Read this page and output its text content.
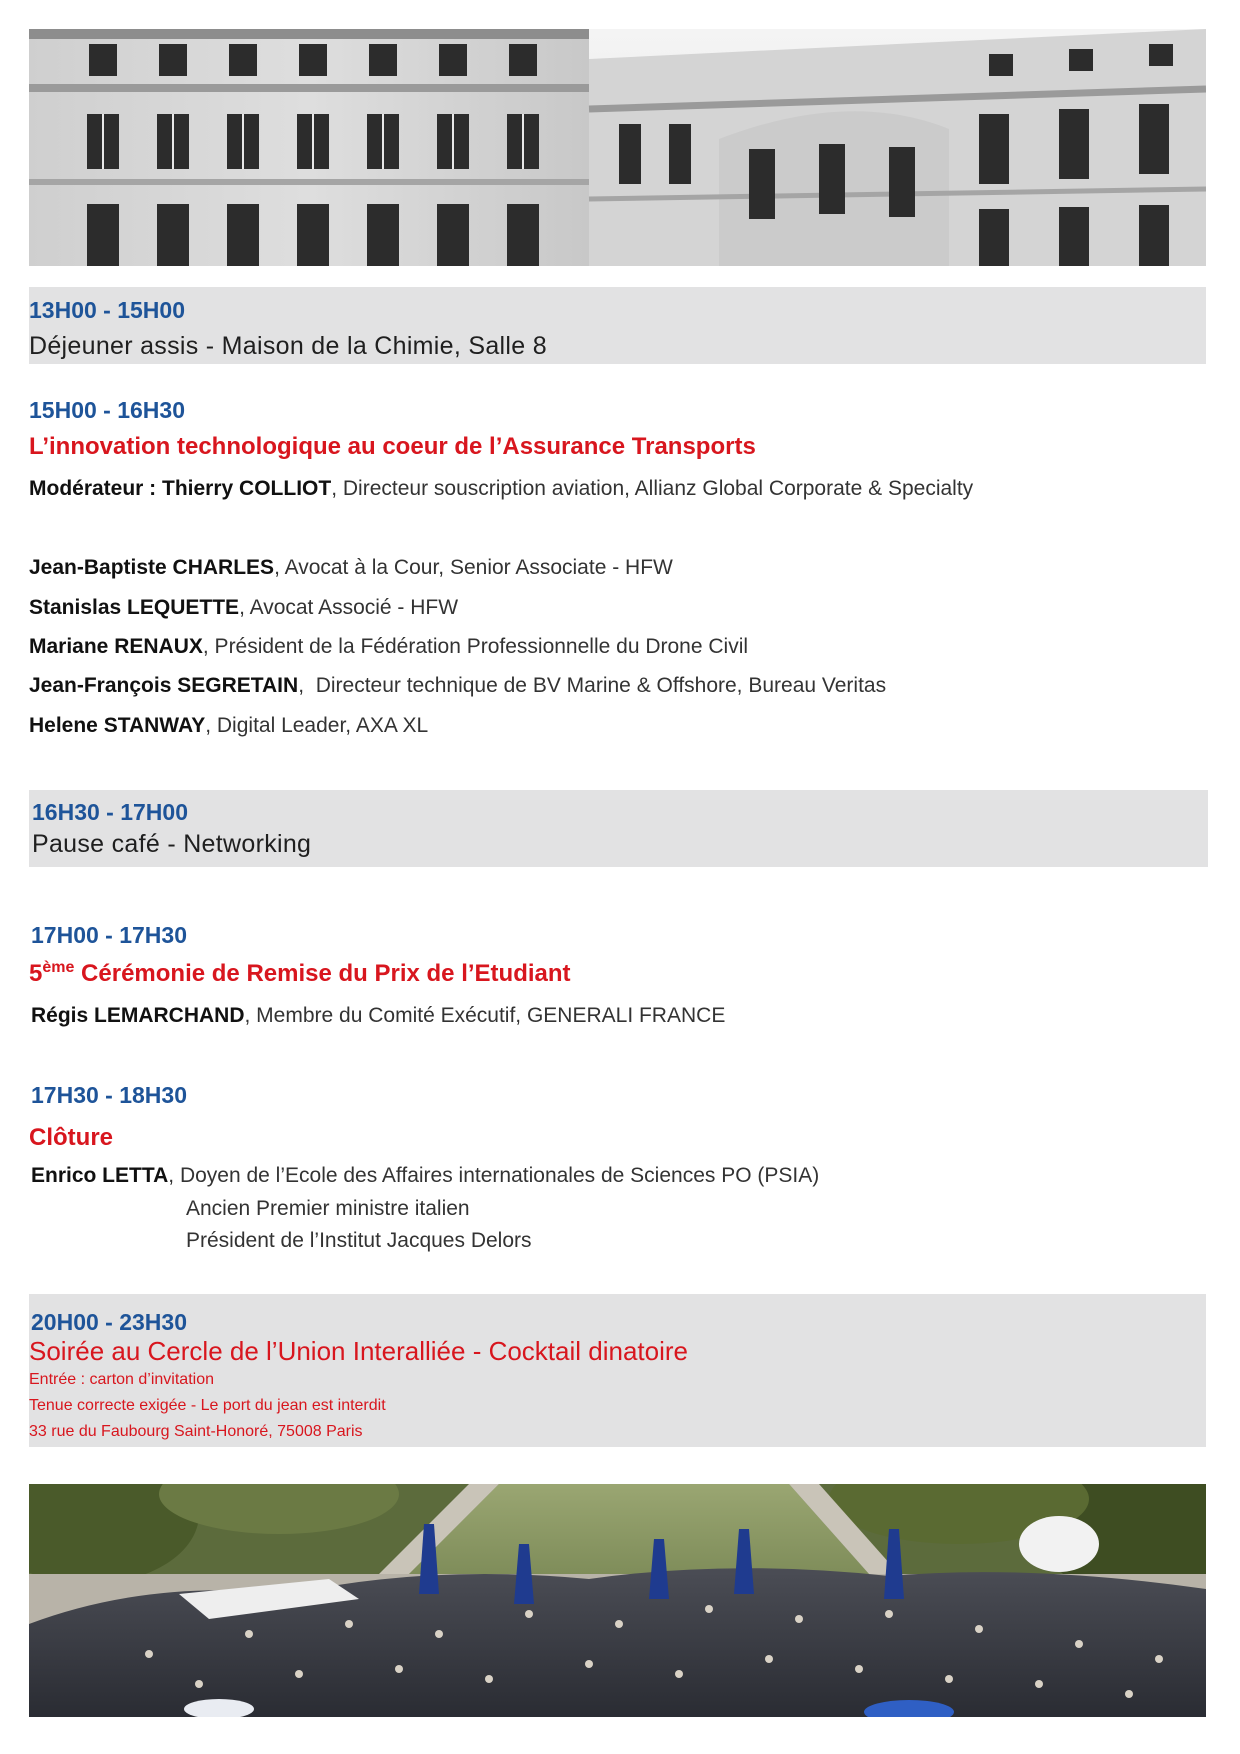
13H00 - 15H00
Déjeuner assis - Maison de la Chimie, Salle 8
15H00 - 16H30
L’innovation technologique au coeur de l’Assurance Transports
Modérateur : Thierry COLLIOT, Directeur souscription aviation, Allianz Global Corporate & Specialty
Jean-Baptiste CHARLES, Avocat à la Cour, Senior Associate - HFW
Stanislas LEQUETTE, Avocat Associé - HFW
Mariane RENAUX, Président de la Fédération Professionnelle du Drone Civil
Jean-François SEGRETAIN,  Directeur technique de BV Marine & Offshore, Bureau Veritas
Helene STANWAY, Digital Leader, AXA XL
16H30 - 17H00
Pause café - Networking
17H00 - 17H30
5ème Cérémonie de Remise du Prix de l’Etudiant
Régis LEMARCHAND, Membre du Comité Exécutif, GENERALI FRANCE
17H30 - 18H30
Clôture
Enrico LETTA, Doyen de l’Ecole des Affaires internationales de Sciences PO (PSIA)
Ancien Premier ministre italien
Président de l’Institut Jacques Delors
20H00 - 23H30
Soirée au Cercle de l’Union Interalliée - Cocktail dinatoire
Entrée : carton d’invitation
Tenue correcte exigée - Le port du jean est interdit
33 rue du Faubourg Saint-Honoré, 75008 Paris
